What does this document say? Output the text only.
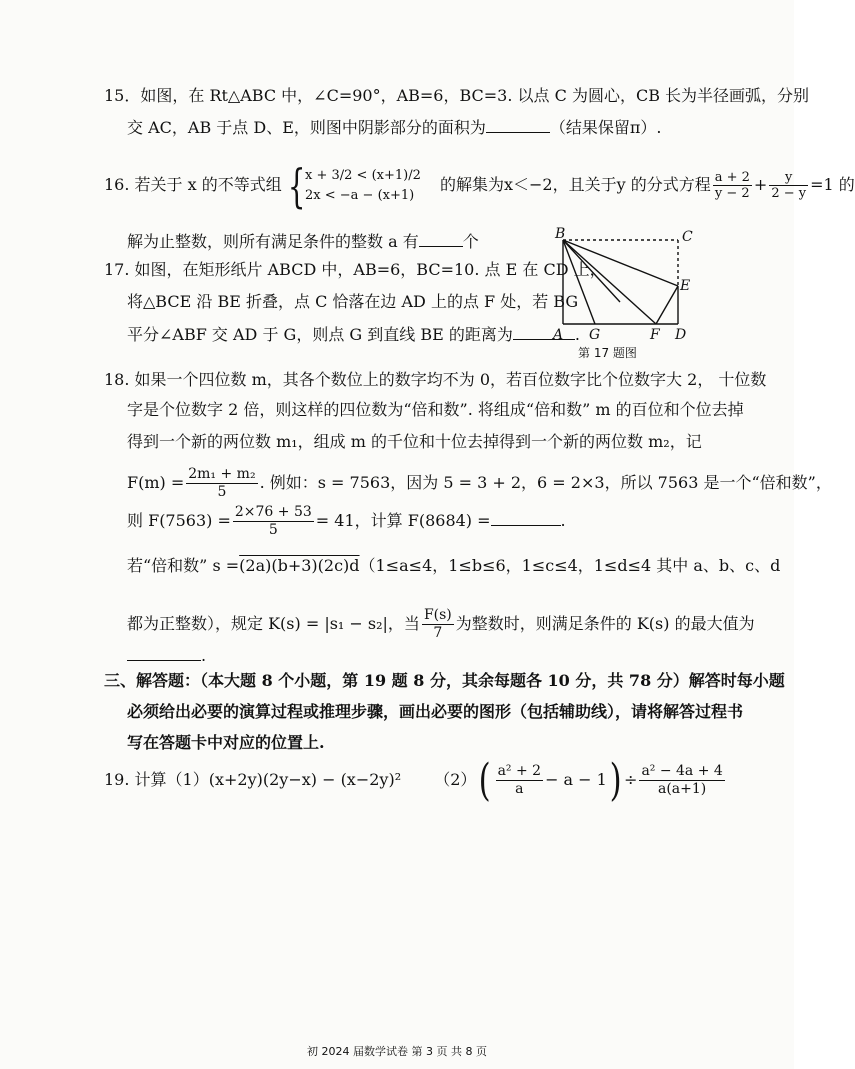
15．如图，在 Rt△ABC 中，∠C=90°，AB=6，BC=3. 以点 C 为圆心，CB 长为半径画弧，分别
交 AC，AB 于点 D、E，则图中阴影部分的面积为	（结果保留π）.
16. 若关于 x 的不等式组 { x + 3/2 < (x+1)/2
2x < −a − (x+1)
的解集为x＜−2，且关于y 的分式方程 $\frac{a + 2}{y - 2} + \frac{y}{2 - y} =1$ 的
解为止整数，则所有满足条件的整数 a 有	个
17. 如图，在矩形纸片 ABCD 中，AB=6，BC=10. 点 E 在 CD 上，
将△BCE 沿 BE 折叠，点 C 恰落在边 AD 上的点 F 处，若 BG
平分∠ABF 交 AD 于 G，则点 G 到直线 BE 的距离为	.
B	C
E
A G	F D
第 17 题图
18. 如果一个四位数 m，其各个数位上的数字均不为 0，若百位数字比个位数字大 2， 十位数
字是个位数字 2 倍，则这样的四位数为“倍和数”. 将组成“倍和数” m 的百位和个位去掉
得到一个新的两位数 m₁，组成 m 的千位和十位去掉得到一个新的两位数 m₂，记
$F(m) = \frac{\text{2m₁ + m₂}}{5}$ . 例如：s = 7563，因为 5 = 3 + 2，6 = 2×3，所以 7563 是一个“倍和数”，
则 $F(7563) = \frac{2\times 76 + 53}{5} = 41$，计算 F(8684) =	.
若“倍和数” s =(2a)(b+3)(2c)d（1≤a≤4，1≤b≤6，1≤c≤4，1≤d≤4 其中 a、b、c、d
都为正整数），规定 K(s) = |s₁ − s₂|，当 $\frac{F(s)}{7}$ 为整数时，则满足条件的 K(s) 的最大值为
.
三、解答题：（本大题 8 个小题，第 19 题 8 分，其余每题各 10 分，共 78 分）解答时每小题
必须给出必要的演算过程或推理步骤，画出必要的图形（包括辅助线），请将解答过程书
写在答题卡中对应的位置上.
19. 计算（1）(x+2y)(2y−x) − (x−2y)² $(2)( \frac{\text{a² + 2}}{a} - a - 1) \div \frac{\text{a² − 4a + 4}}{a(a+1)}$
初 2024 届数学试卷 第 3 页 共 8 页
